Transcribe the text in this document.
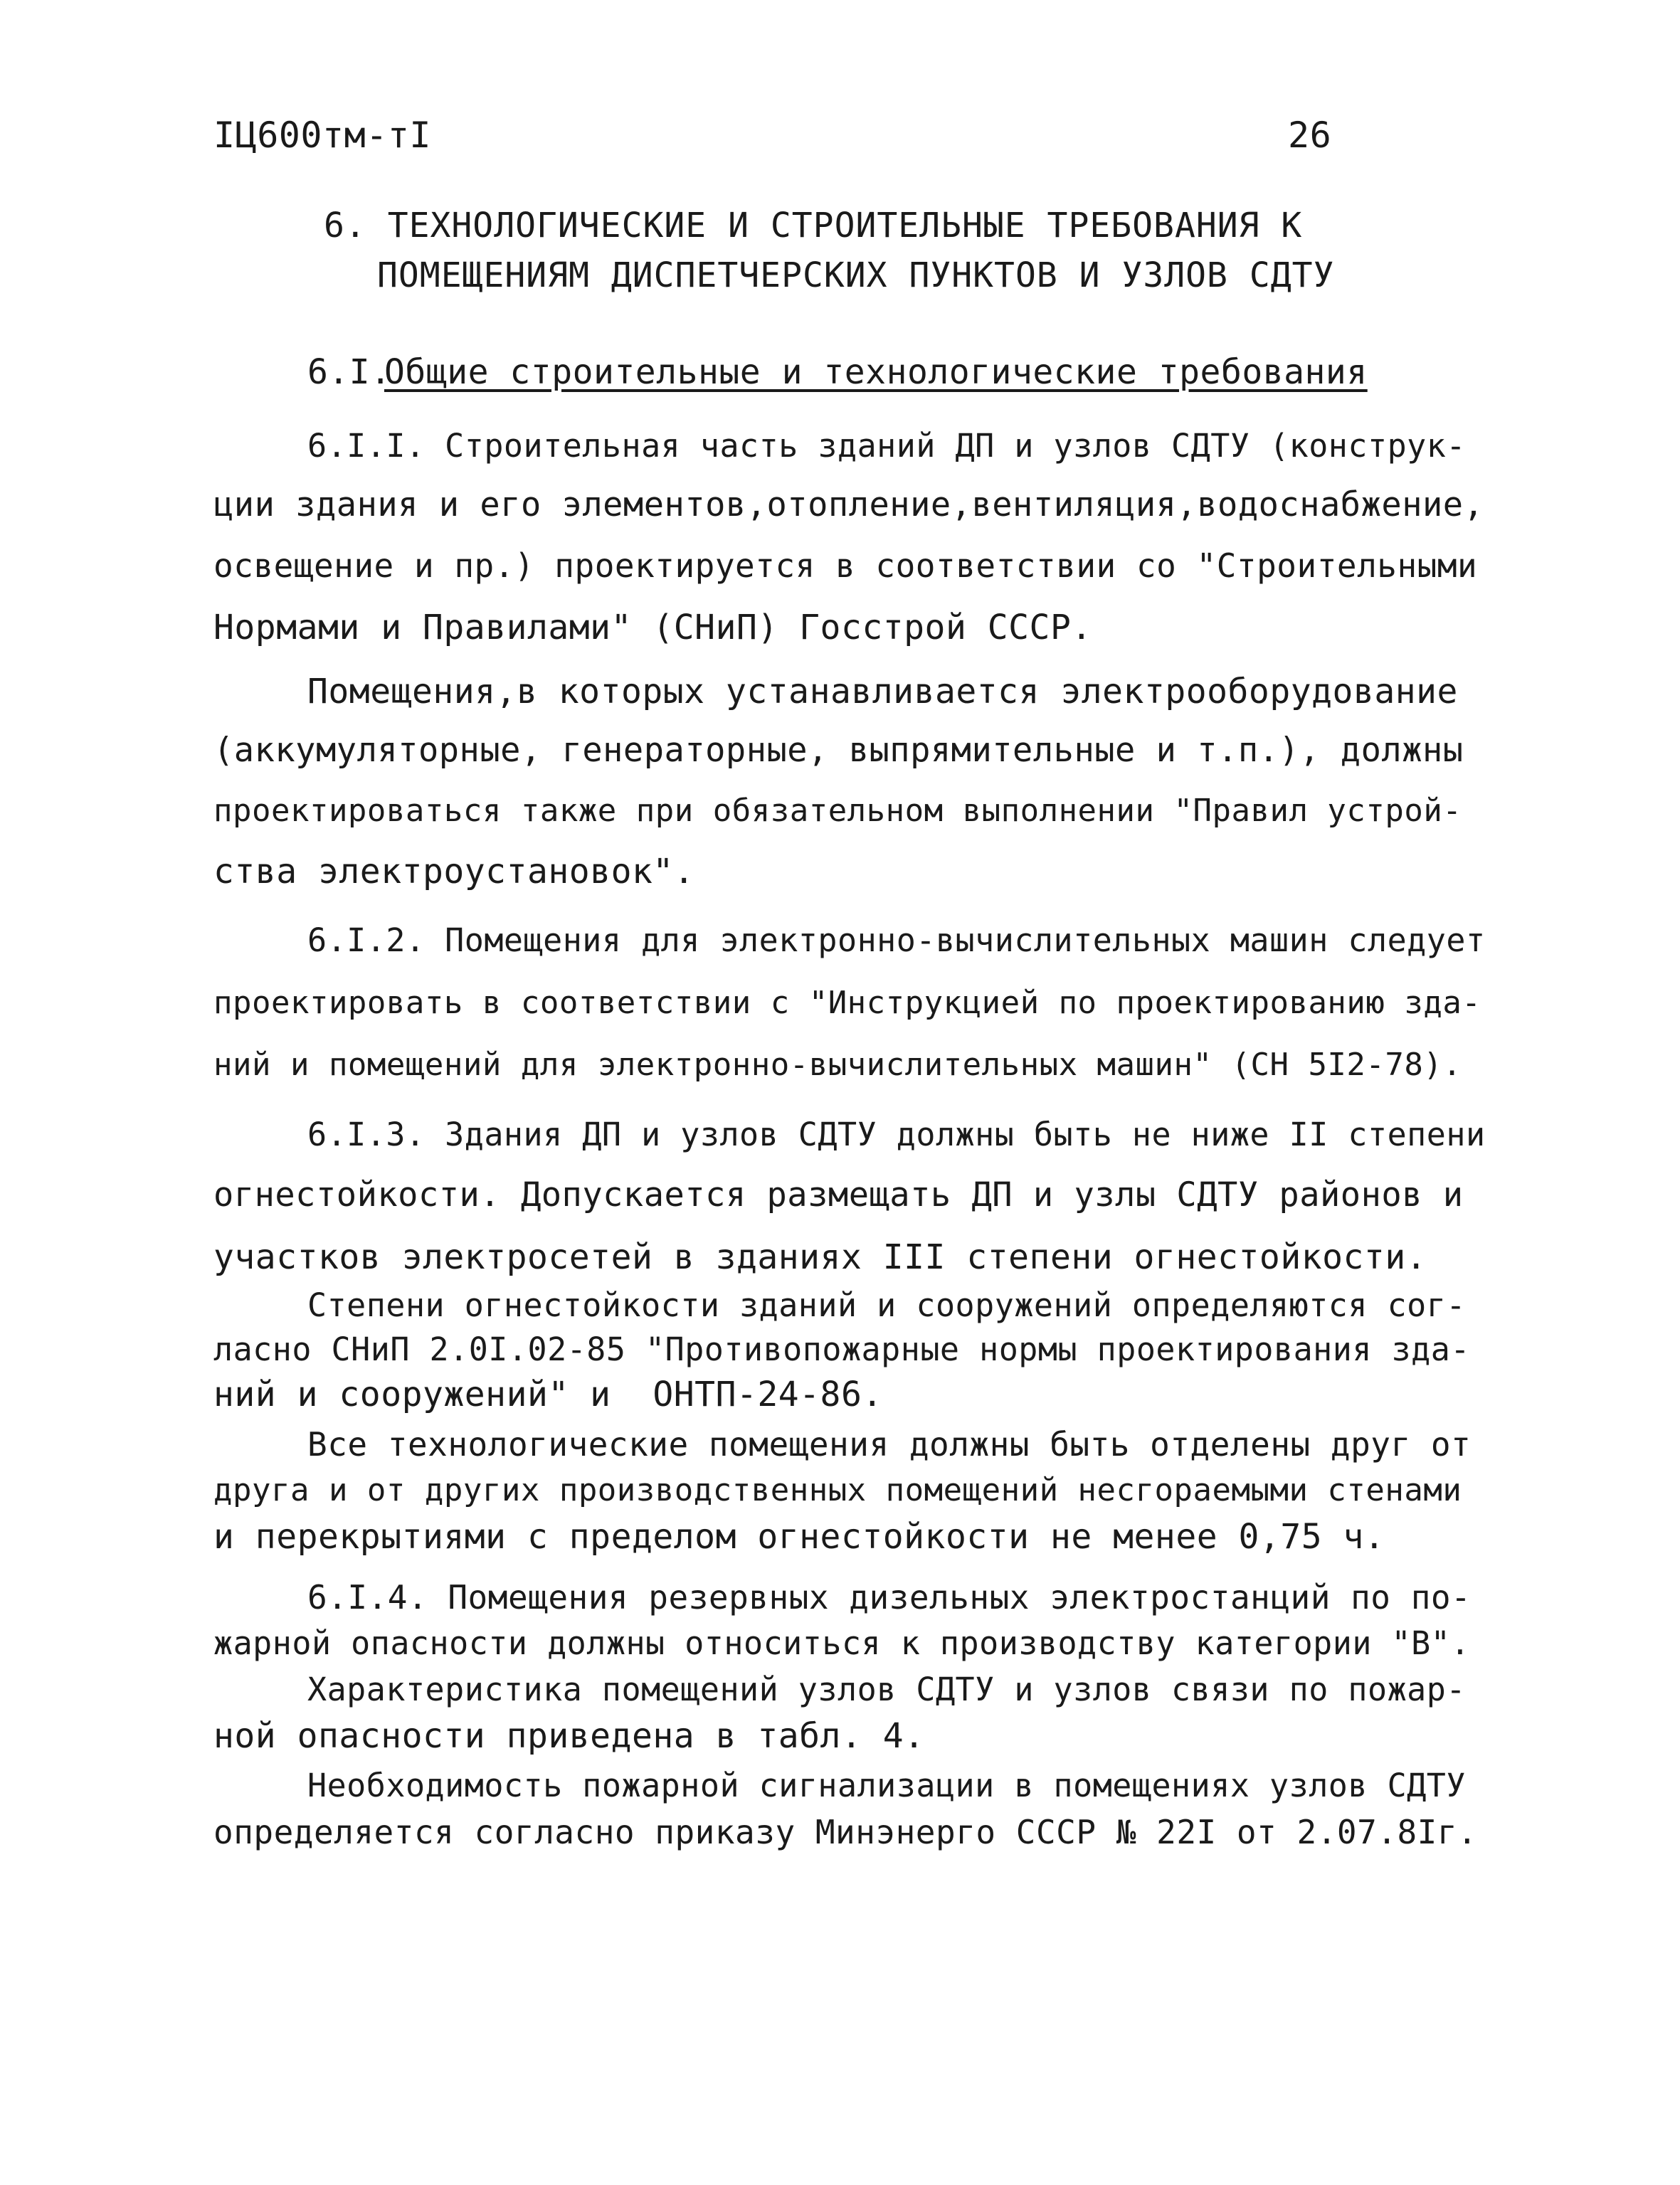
IЦ600тм-тI	26
6. ТЕХНОЛОГИЧЕСКИЕ И СТРОИТЕЛЬНЫЕ ТРЕБОВАНИЯ К
ПОМЕЩЕНИЯМ ДИСПЕТЧЕРСКИХ ПУНКТОВ И УЗЛОВ СДТУ
6.I.
Общие строительные и технологические требования
6.I.I. Строительная часть зданий ДП и узлов СДТУ (конструк-
ции здания и его элементов,отопление,вентиляция,водоснабжение,
освещение и пр.) проектируется в соответствии со "Строительными
Нормами и Правилами" (СНиП) Госстрой СССР.
Помещения,в которых устанавливается электрооборудование
(аккумуляторные, генераторные, выпрямительные и т.п.), должны
проектироваться также при обязательном выполнении "Правил устрой-
ства электроустановок".
6.I.2. Помещения для электронно-вычислительных машин следует
проектировать в соответствии с "Инструкцией по проектированию зда-
ний и помещений для электронно-вычислительных машин" (СН 5I2-78).
6.I.3. Здания ДП и узлов СДТУ должны быть не ниже II степени
огнестойкости. Допускается размещать ДП и узлы СДТУ районов и
участков электросетей в зданиях III степени огнестойкости.
Степени огнестойкости зданий и сооружений определяются сог-
ласно СНиП 2.0I.02-85 "Противопожарные нормы проектирования зда-
ний и сооружений" и  ОНТП-24-86.
Все технологические помещения должны быть отделены друг от
друга и от других производственных помещений несгораемыми стенами
и перекрытиями с пределом огнестойкости не менее 0,75 ч.
6.I.4. Помещения резервных дизельных электростанций по по-
жарной опасности должны относиться к производству категории "В".
Характеристика помещений узлов СДТУ и узлов связи по пожар-
ной опасности приведена в табл. 4.
Необходимость пожарной сигнализации в помещениях узлов СДТУ
определяется согласно приказу Минэнерго СССР № 22I от 2.07.8Iг.
